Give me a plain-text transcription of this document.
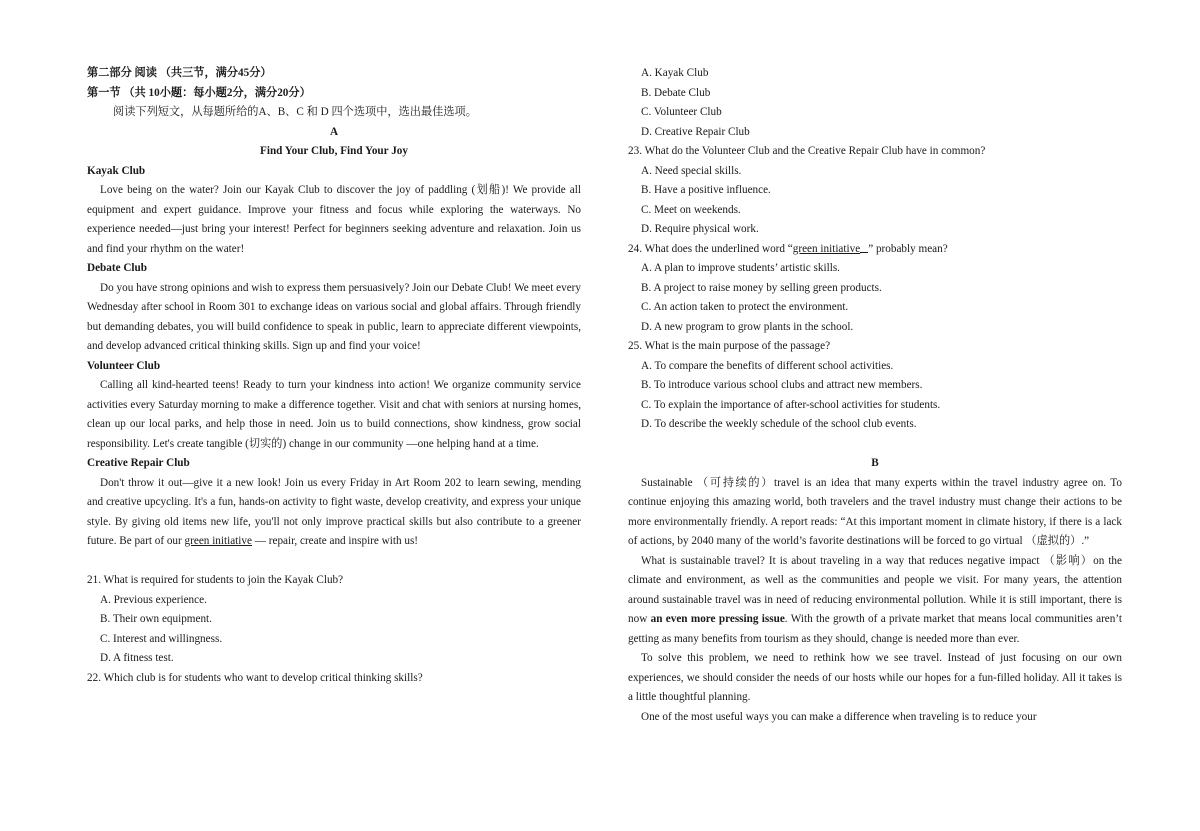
第二部分 阅读 （共三节，满分45分）

第一节 （共 10小题：每小题2分，满分20分）

阅读下列短文，从每题所给的A、B、C 和 D 四个选项中，选出最佳选项。

A

Find Your Club, Find Your Joy

Kayak Club

Love being on the water? Join our Kayak Club to discover the joy of paddling (划船)! We provide all equipment and expert guidance. Improve your fitness and focus while exploring the waterways. No experience needed—just bring your interest! Perfect for beginners seeking adventure and relaxation. Join us and find your rhythm on the water!

Debate Club

Do you have strong opinions and wish to express them persuasively? Join our Debate Club! We meet every Wednesday after school in Room 301 to exchange ideas on various social and global affairs. Through friendly but demanding debates, you will build confidence to speak in public, learn to appreciate different viewpoints, and develop advanced critical thinking skills. Sign up and find your voice!

Volunteer Club

Calling all kind-hearted teens! Ready to turn your kindness into action! We organize community service activities every Saturday morning to make a difference together. Visit and chat with seniors at nursing homes, clean up our local parks, and help those in need. Join us to build connections, show kindness, grow social responsibility. Let's create tangible (切实的) change in our community —one helping hand at a time.

Creative Repair Club

Don't throw it out—give it a new look! Join us every Friday in Art Room 202 to learn sewing, mending and creative upcycling. It's a fun, hands-on activity to fight waste, develop creativity, and express your unique style. By giving old items new life, you'll not only improve practical skills but also contribute to a greener future. Be part of our green initiative — repair, create and inspire with us!

21. What is required for students to join the Kayak Club?

A. Previous experience.

B. Their own equipment.

C. Interest and willingness.

D. A fitness test.

22. Which club is for students who want to develop critical thinking skills?

A. Kayak Club

B. Debate Club

C. Volunteer Club

D. Creative Repair Club

23. What do the Volunteer Club and the Creative Repair Club have in common?

A. Need special skills.

B. Have a positive influence.

C. Meet on weekends.

D. Require physical work.

24. What does the underlined word “green initiative ” probably mean?

A. A plan to improve students’ artistic skills.

B. A project to raise money by selling green products.

C. An action taken to protect the environment.

D. A new program to grow plants in the school.

25. What is the main purpose of the passage?

A. To compare the benefits of different school activities.

B. To introduce various school clubs and attract new members.

C. To explain the importance of after-school activities for students.

D. To describe the weekly schedule of the school club events.

B

Sustainable （可持续的）travel is an idea that many experts within the travel industry agree on. To continue enjoying this amazing world, both travelers and the travel industry must change their actions to be more environmentally friendly. A report reads: “At this important moment in climate history, if there is a lack of actions, by 2040 many of the world’s favorite destinations will be forced to go virtual （虚拟的）.”

What is sustainable travel? It is about traveling in a way that reduces negative impact （影响）on the climate and environment, as well as the communities and people we visit. For many years, the attention around sustainable travel was in need of reducing environmental pollution. While it is still important, there is now an even more pressing issue. With the growth of a private market that means local communities aren’t getting as many benefits from tourism as they should, change is needed more than ever.

To solve this problem, we need to rethink how we see travel. Instead of just focusing on our own experiences, we should consider the needs of our hosts while our hopes for a fun-filled holiday. All it takes is a little thoughtful planning.

One of the most useful ways you can make a difference when traveling is to reduce your
